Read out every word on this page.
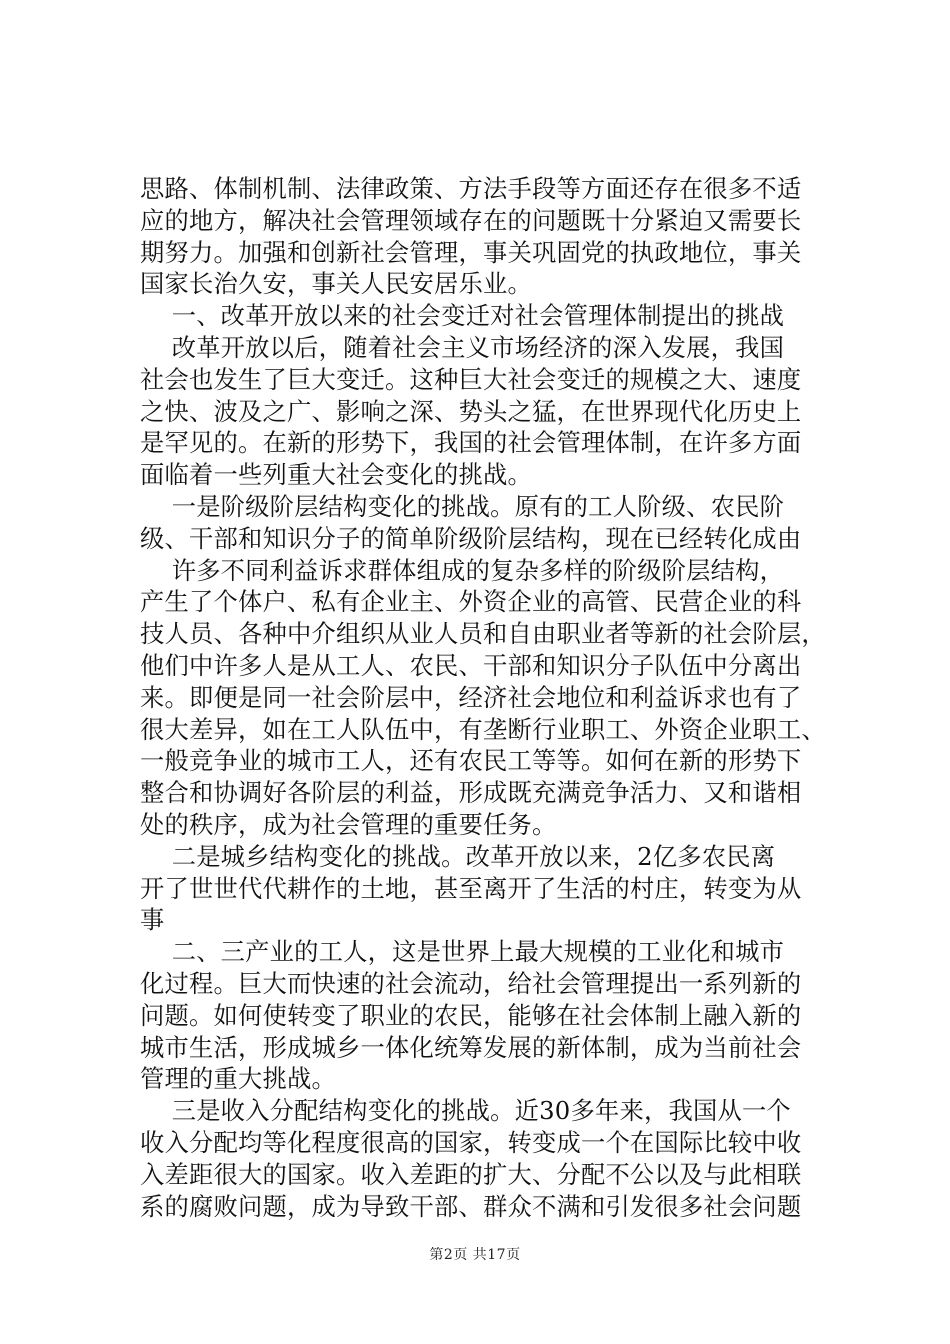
思路、体制机制、法律政策、方法手段等方面还存在很多不适
应的地方，解决社会管理领域存在的问题既十分紧迫又需要长
期努力。加强和创新社会管理，事关巩固党的执政地位，事关
国家长治久安，事关人民安居乐业。
一、改革开放以来的社会变迁对社会管理体制提出的挑战
改革开放以后，随着社会主义市场经济的深入发展，我国
社会也发生了巨大变迁。这种巨大社会变迁的规模之大、速度
之快、波及之广、影响之深、势头之猛，在世界现代化历史上
是罕见的。在新的形势下，我国的社会管理体制，在许多方面
面临着一些列重大社会变化的挑战。
一是阶级阶层结构变化的挑战。原有的工人阶级、农民阶
级、干部和知识分子的简单阶级阶层结构，现在已经转化成由
许多不同利益诉求群体组成的复杂多样的阶级阶层结构，
产生了个体户、私有企业主、外资企业的高管、民营企业的科
技人员、各种中介组织从业人员和自由职业者等新的社会阶层，
他们中许多人是从工人、农民、干部和知识分子队伍中分离出
来。即便是同一社会阶层中，经济社会地位和利益诉求也有了
很大差异，如在工人队伍中，有垄断行业职工、外资企业职工、
一般竞争业的城市工人，还有农民工等等。如何在新的形势下
整合和协调好各阶层的利益，形成既充满竞争活力、又和谐相
处的秩序，成为社会管理的重要任务。
二是城乡结构变化的挑战。改革开放以来，2亿多农民离
开了世世代代耕作的土地，甚至离开了生活的村庄，转变为从
事
二、三产业的工人，这是世界上最大规模的工业化和城市
化过程。巨大而快速的社会流动，给社会管理提出一系列新的
问题。如何使转变了职业的农民，能够在社会体制上融入新的
城市生活，形成城乡一体化统筹发展的新体制，成为当前社会
管理的重大挑战。
三是收入分配结构变化的挑战。近30多年来，我国从一个
收入分配均等化程度很高的国家，转变成一个在国际比较中收
入差距很大的国家。收入差距的扩大、分配不公以及与此相联
系的腐败问题，成为导致干部、群众不满和引发很多社会问题
第2页 共17页
